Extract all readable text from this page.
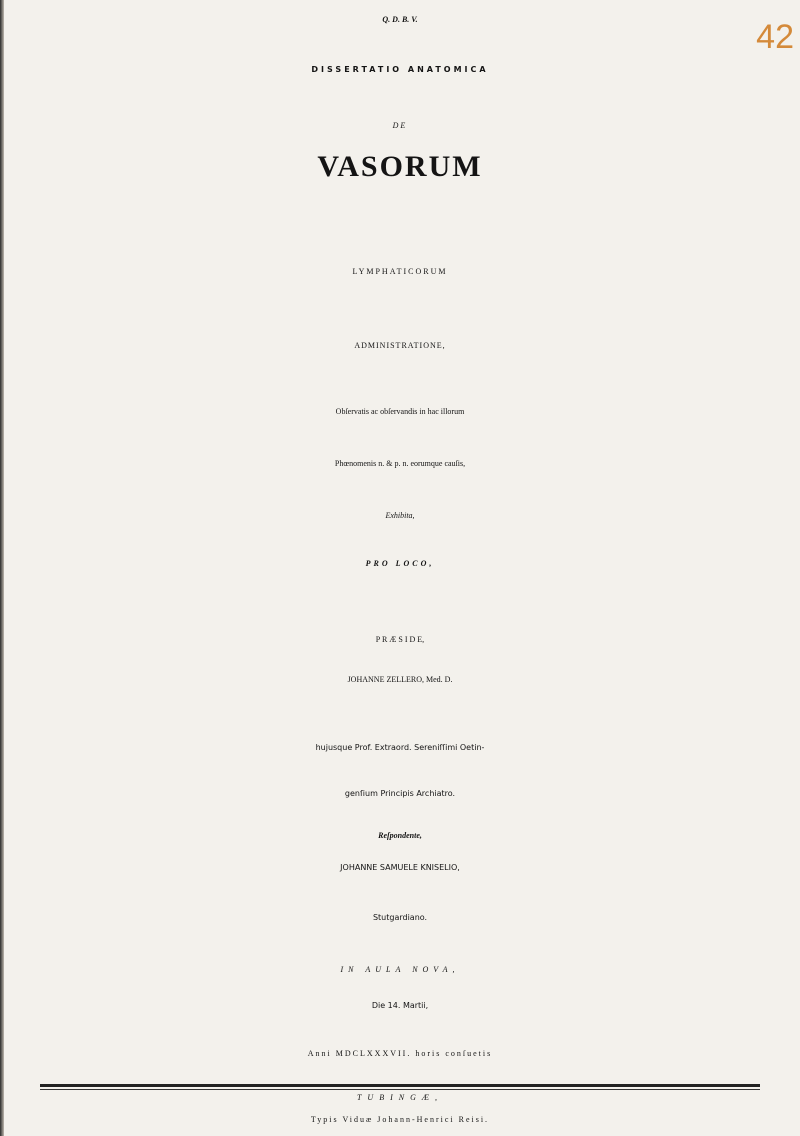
42
Q. D. B. V.
DISSERTATIO ANATOMICA
DE
VASORUM
LYMPHATICORUM
ADMINISTRATIONE,
Obſervatis ac obſervandis in hac illorum
Phœnomenis n. & p. n. eorumque cauſis,
Exhibita,
PRO LOCO,
P R Æ S I D E,
JOHANNE ZELLERO, Med. D.
hujusque Prof. Extraord. Sereniſſimi Oetin-
genſium Principis Archiatro.
Reſpondente,
JOHANNE SAMUELE KNISELIO,
Stutgardiano.
IN AULA NOVA,
Die 14. Martii,
Anni MDCLXXXVII. horis conſuetis
TUBINGÆ,
Typis Viduæ Johann-Henrici Reisi.
